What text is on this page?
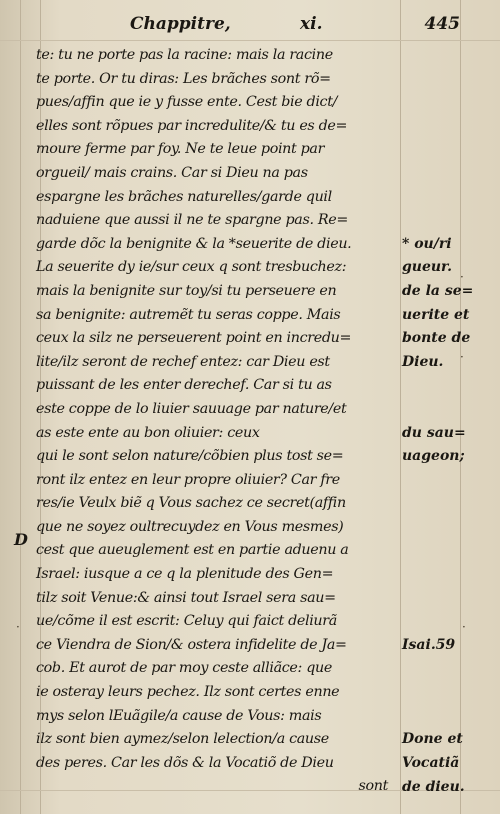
Chappitre,	xi.	445
D
te: tu ne porte pas la racine: mais la racine
te porte. Or tu diras: Les brãches sont rõ=
pues/affin que ie y fusse ente. Cest bie dict/
elles sont rõpues par incredulite/& tu es de=
moure ferme par foy. Ne te leue point par
orgueil/ mais crains. Car si Dieu na pas
espargne les brãches naturelles/garde quil
naduiene que aussi il ne te spargne pas. Re=
garde dõc la benignite & la *seuerite de dieu.
La seuerite dy ie/sur ceux q sont tresbuchez:
mais la benignite sur toy/si tu perseuere en
sa benignite: autremẽt tu seras coppe. Mais
ceux la silz ne perseuerent point en incredu=
lite/ilz seront de rechef entez: car Dieu est
puissant de les enter derechef. Car si tu as
este coppe de lo liuier sauuage par nature/et
as este ente au bon oliuier: ceux
qui le sont selon nature/cõbien plus tost se=
ront ilz entez en leur propre oliuier? Car fre
res/ie Veulx biẽ q Vous sachez ce secret(affin
que ne soyez oultrecuydez en Vous mesmes)
cest que aueuglement est en partie aduenu a
Israel: iusque a ce q la plenitude des Gen=
tilz soit Venue:& ainsi tout Israel sera sau=
ue/cõme il est escrit: Celuy qui faict deliurã
ce Viendra de Sion/& ostera infidelite de Ja=
cob. Et aurot de par moy ceste alliãce: que
ie osteray leurs pechez. Ilz sont certes enne
mys selon lEuãgile/a cause de Vous: mais
ilz sont bien aymez/selon lelection/a cause
des peres. Car les dõs & la Vocatiõ de Dieu
sont
* ou/ri
gueur.
de la se=
uerite et
bonte de
Dieu.
du sau=
uageon;
Isai.59
Done et
Vocatiã
de dieu.
·
·
·
·
